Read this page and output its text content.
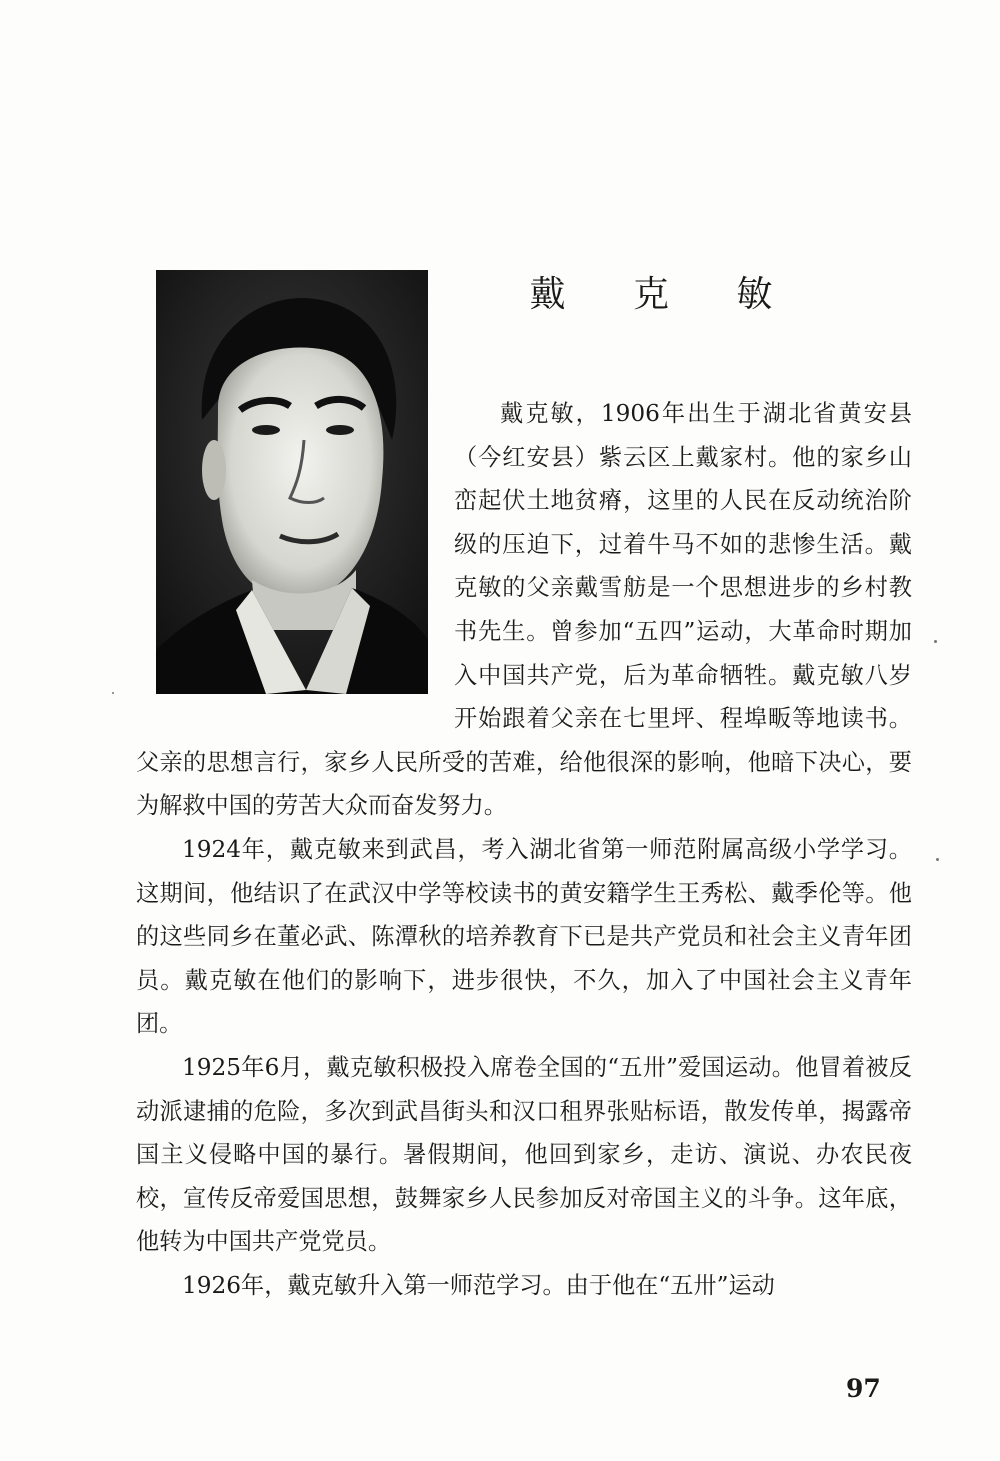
戴 克 敏

戴克敏，1906年出生于湖北省黄安县（今红安县）紫云区上戴家村。他的家乡山峦起伏土地贫瘠，这里的人民在反动统治阶级的压迫下，过着牛马不如的悲惨生活。戴克敏的父亲戴雪舫是一个思想进步的乡村教书先生。曾参加“五四”运动，大革命时期加入中国共产党，后为革命牺牲。戴克敏八岁开始跟着父亲在七里坪、程埠畈等地读书。父亲的思想言行，家乡人民所受的苦难，给他很深的影响，他暗下决心，要为解救中国的劳苦大众而奋发努力。

1924年，戴克敏来到武昌，考入湖北省第一师范附属高级小学学习。这期间，他结识了在武汉中学等校读书的黄安籍学生王秀松、戴季伦等。他的这些同乡在董必武、陈潭秋的培养教育下已是共产党员和社会主义青年团员。戴克敏在他们的影响下，进步很快，不久，加入了中国社会主义青年团。

1925年6月，戴克敏积极投入席卷全国的“五卅”爱国运动。他冒着被反动派逮捕的危险，多次到武昌街头和汉口租界张贴标语，散发传单，揭露帝国主义侵略中国的暴行。暑假期间，他回到家乡，走访、演说、办农民夜校，宣传反帝爱国思想，鼓舞家乡人民参加反对帝国主义的斗争。这年底，他转为中国共产党党员。

1926年，戴克敏升入第一师范学习。由于他在“五卅”运动

97
